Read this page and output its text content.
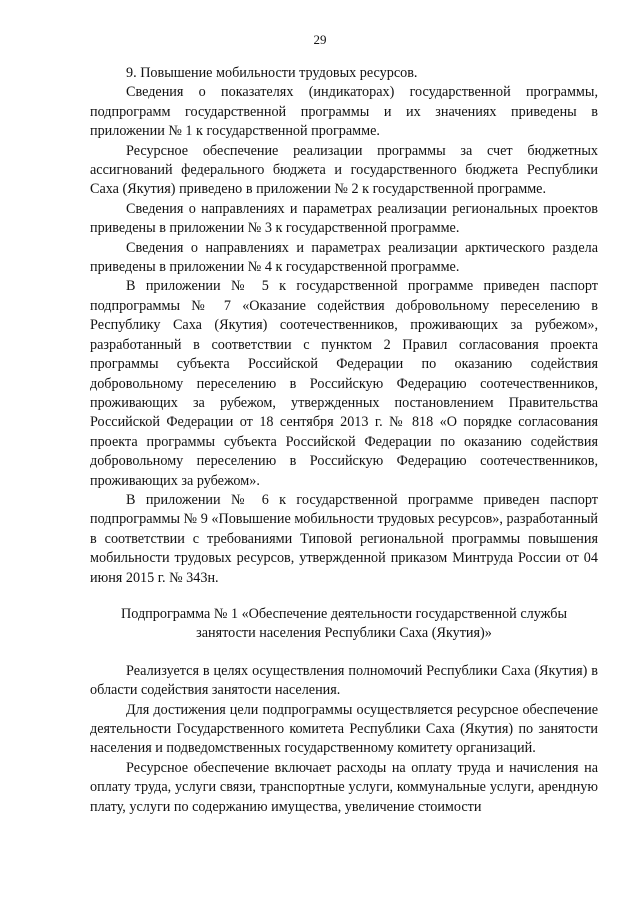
29

9. Повышение мобильности трудовых ресурсов.

Сведения о показателях (индикаторах) государственной программы, подпрограмм государственной программы и их значениях приведены в приложении № 1 к государственной программе.

Ресурсное обеспечение реализации программы за счет бюджетных ассигнований федерального бюджета и государственного бюджета Республики Саха (Якутия) приведено в приложении № 2 к государственной программе.

Сведения о направлениях и параметрах реализации региональных проектов приведены в приложении № 3 к государственной программе.

Сведения о направлениях и параметрах реализации арктического раздела приведены в приложении № 4 к государственной программе.

В приложении № 5 к государственной программе приведен паспорт подпрограммы № 7 «Оказание содействия добровольному переселению в Республику Саха (Якутия) соотечественников, проживающих за рубежом», разработанный в соответствии с пунктом 2 Правил согласования проекта программы субъекта Российской Федерации по оказанию содействия добровольному переселению в Российскую Федерацию соотечественников, проживающих за рубежом, утвержденных постановлением Правительства Российской Федерации от 18 сентября 2013 г. № 818 «О порядке согласования проекта программы субъекта Российской Федерации по оказанию содействия добровольному переселению в Российскую Федерацию соотечественников, проживающих за рубежом».

В приложении № 6 к государственной программе приведен паспорт подпрограммы № 9 «Повышение мобильности трудовых ресурсов», разработанный в соответствии с требованиями Типовой региональной программы повышения мобильности трудовых ресурсов, утвержденной приказом Минтруда России от 04 июня 2015 г. № 343н.

Подпрограмма № 1 «Обеспечение деятельности государственной службы занятости населения Республики Саха (Якутия)»

Реализуется в целях осуществления полномочий Республики Саха (Якутия) в области содействия занятости населения.

Для достижения цели подпрограммы осуществляется ресурсное обеспечение деятельности Государственного комитета Республики Саха (Якутия) по занятости населения и подведомственных государственному комитету организаций.

Ресурсное обеспечение включает расходы на оплату труда и начисления на оплату труда, услуги связи, транспортные услуги, коммунальные услуги, арендную плату, услуги по содержанию имущества, увеличение стоимости
